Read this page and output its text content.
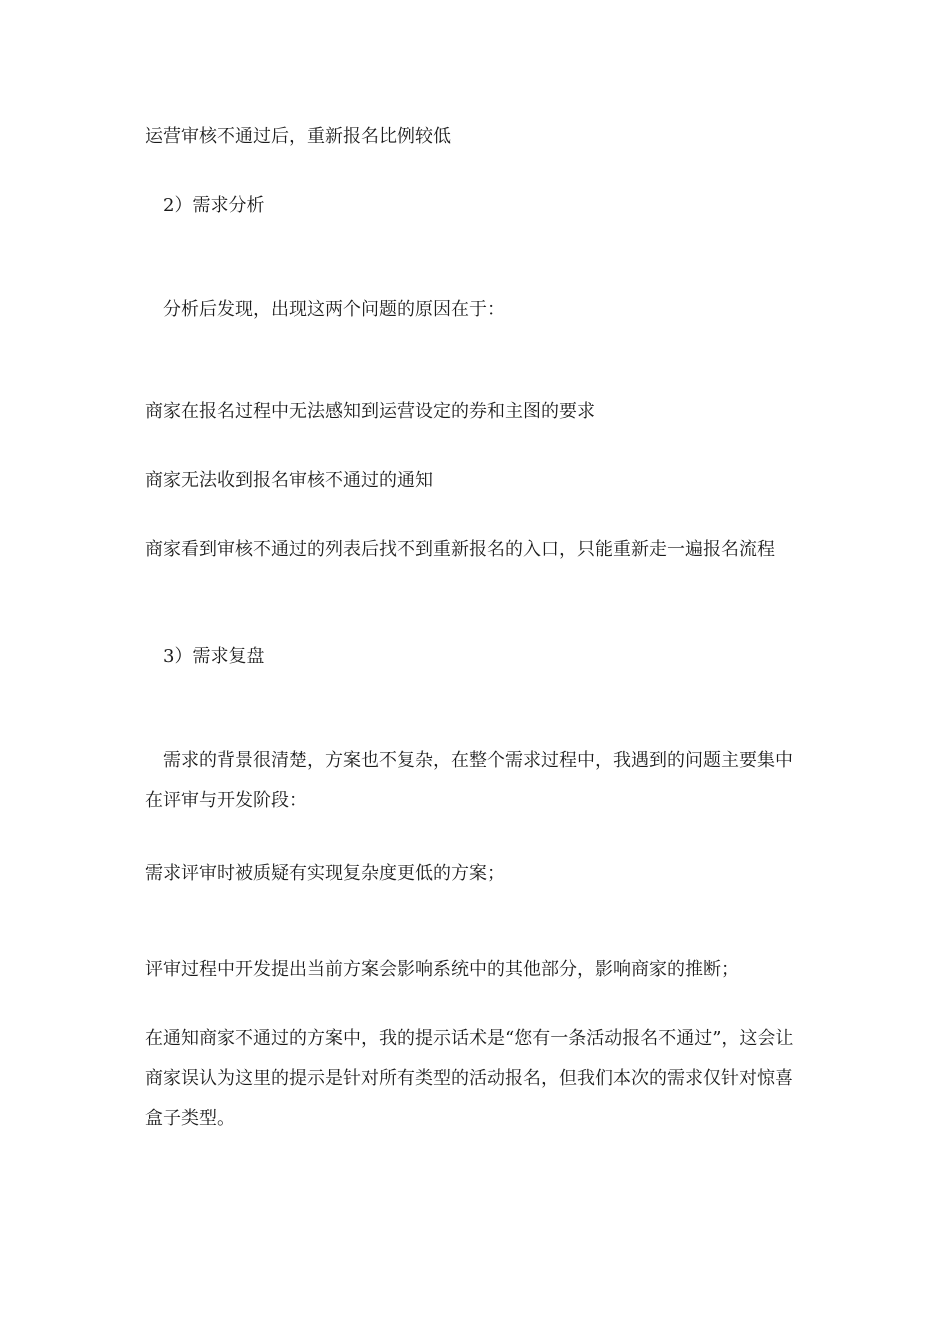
运营审核不通过后，重新报名比例较低
2）需求分析
分析后发现，出现这两个问题的原因在于：
商家在报名过程中无法感知到运营设定的券和主图的要求
商家无法收到报名审核不通过的通知
商家看到审核不通过的列表后找不到重新报名的入口，只能重新走一遍报名流程
3）需求复盘
需求的背景很清楚，方案也不复杂，在整个需求过程中，我遇到的问题主要集中在评审与开发阶段：
需求评审时被质疑有实现复杂度更低的方案；
评审过程中开发提出当前方案会影响系统中的其他部分，影响商家的推断；
在通知商家不通过的方案中，我的提示话术是“您有一条活动报名不通过”，这会让商家误认为这里的提示是针对所有类型的活动报名，但我们本次的需求仅针对惊喜盒子类型。
